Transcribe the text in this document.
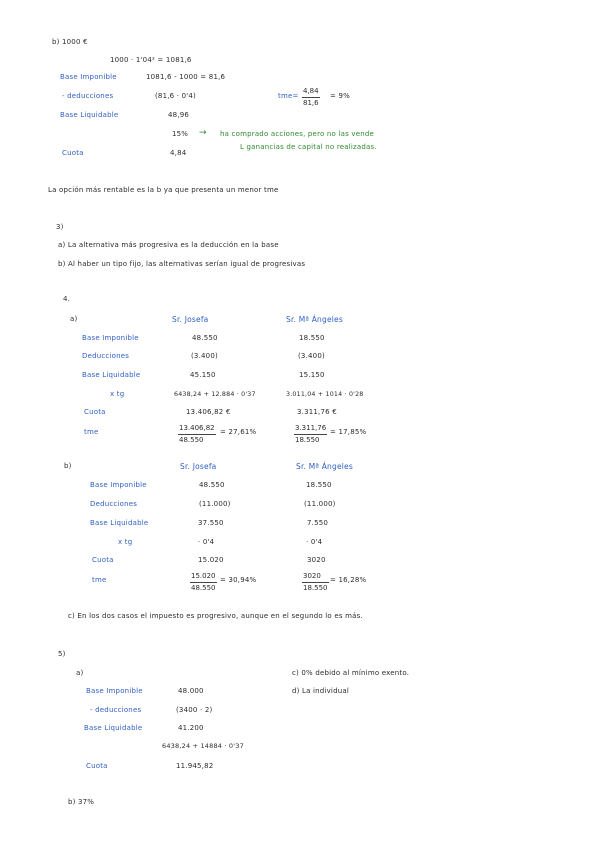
b) 1000 €
1000 · 1'04² = 1081,6
Base Imponible	1081,6 - 1000 = 81,6
- deducciones	(81,6 · 0'4)	$tme= \frac{4,84}{81,6} = 9\%$
Base Liquidable	48,96
15% → ha comprado acciones, pero no las vende
L ganancias de capital no realizadas.
Cuota	4,84
La opción más rentable es la b ya que presenta un menor tme
3)
a) La alternativa más progresiva es la deducción en la base
b) Al haber un tipo fijo, las alternativas serían igual de progresivas
4.
a)	Sr. Josefa	Sr. Mª Ángeles
Base Imponible	48.550	18.550
Deducciones	(3.400)	(3.400)
Base Liquidable	45.150	15.150
x tg	6438,24 + 12.884 · 0'37	3.011,04 + 1014 · 0'28
Cuota	13.406,82 €	3.311,76 €
tme	$\frac{13.406,82}{48.550} = 27,61\%$	$\frac{3.311,76}{18.550} = 17,85\%$
b)	Sr. Josefa	Sr. Mª Ángeles
Base Imponible	48.550	18.550
Deducciones	(11.000)	(11.000)
Base Liquidable	37.550	7.550
x tg	· 0'4	· 0'4
Cuota	15.020	3020
tme	$\frac{15.020}{48.550} = 30,94\%$	$\frac{3020}{18.550} = 16,28\%$
c) En los dos casos el impuesto es progresivo, aunque en el segundo lo es más.
5)
a)	c) 0% debido al mínimo exento.
Base Imponible	48.000	d) La individual
- deducciones	(3400 · 2)
Base Liquidable	41.200
6438,24 + 14884 · 0'37
Cuota	11.945,82
b) 37%
